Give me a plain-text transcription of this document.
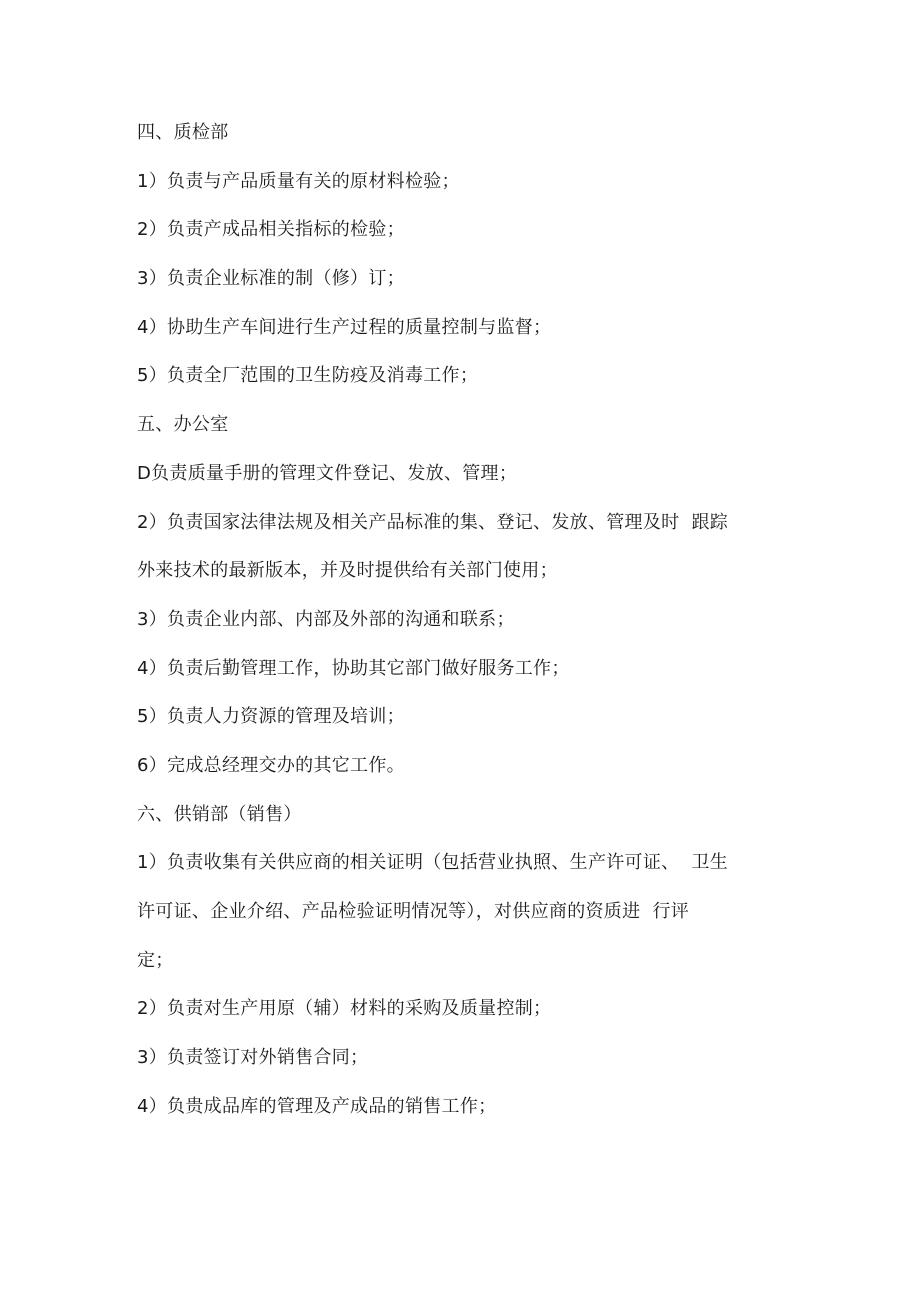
四、质检部
1）负责与产品质量有关的原材料检验；
2）负责产成品相关指标的检验；
3）负责企业标准的制（修）订；
4）协助生产车间进行生产过程的质量控制与监督；
5）负责全厂范围的卫生防疫及消毒工作；
五、办公室
D负责质量手册的管理文件登记、发放、管理；
2）负责国家法律法规及相关产品标准的集、登记、发放、管理及时  跟踪
外来技术的最新版本，并及时提供给有关部门使用；
3）负责企业内部、内部及外部的沟通和联系；
4）负责后勤管理工作，协助其它部门做好服务工作；
5）负责人力资源的管理及培训；
6）完成总经理交办的其它工作。
六、供销部（销售）
1）负责收集有关供应商的相关证明（包括营业执照、生产许可证、  卫生
许可证、企业介绍、产品检验证明情况等），对供应商的资质进  行评
定；
2）负责对生产用原（辅）材料的采购及质量控制；
3）负责签订对外销售合同；
4）负贵成品库的管理及产成品的销售工作；
